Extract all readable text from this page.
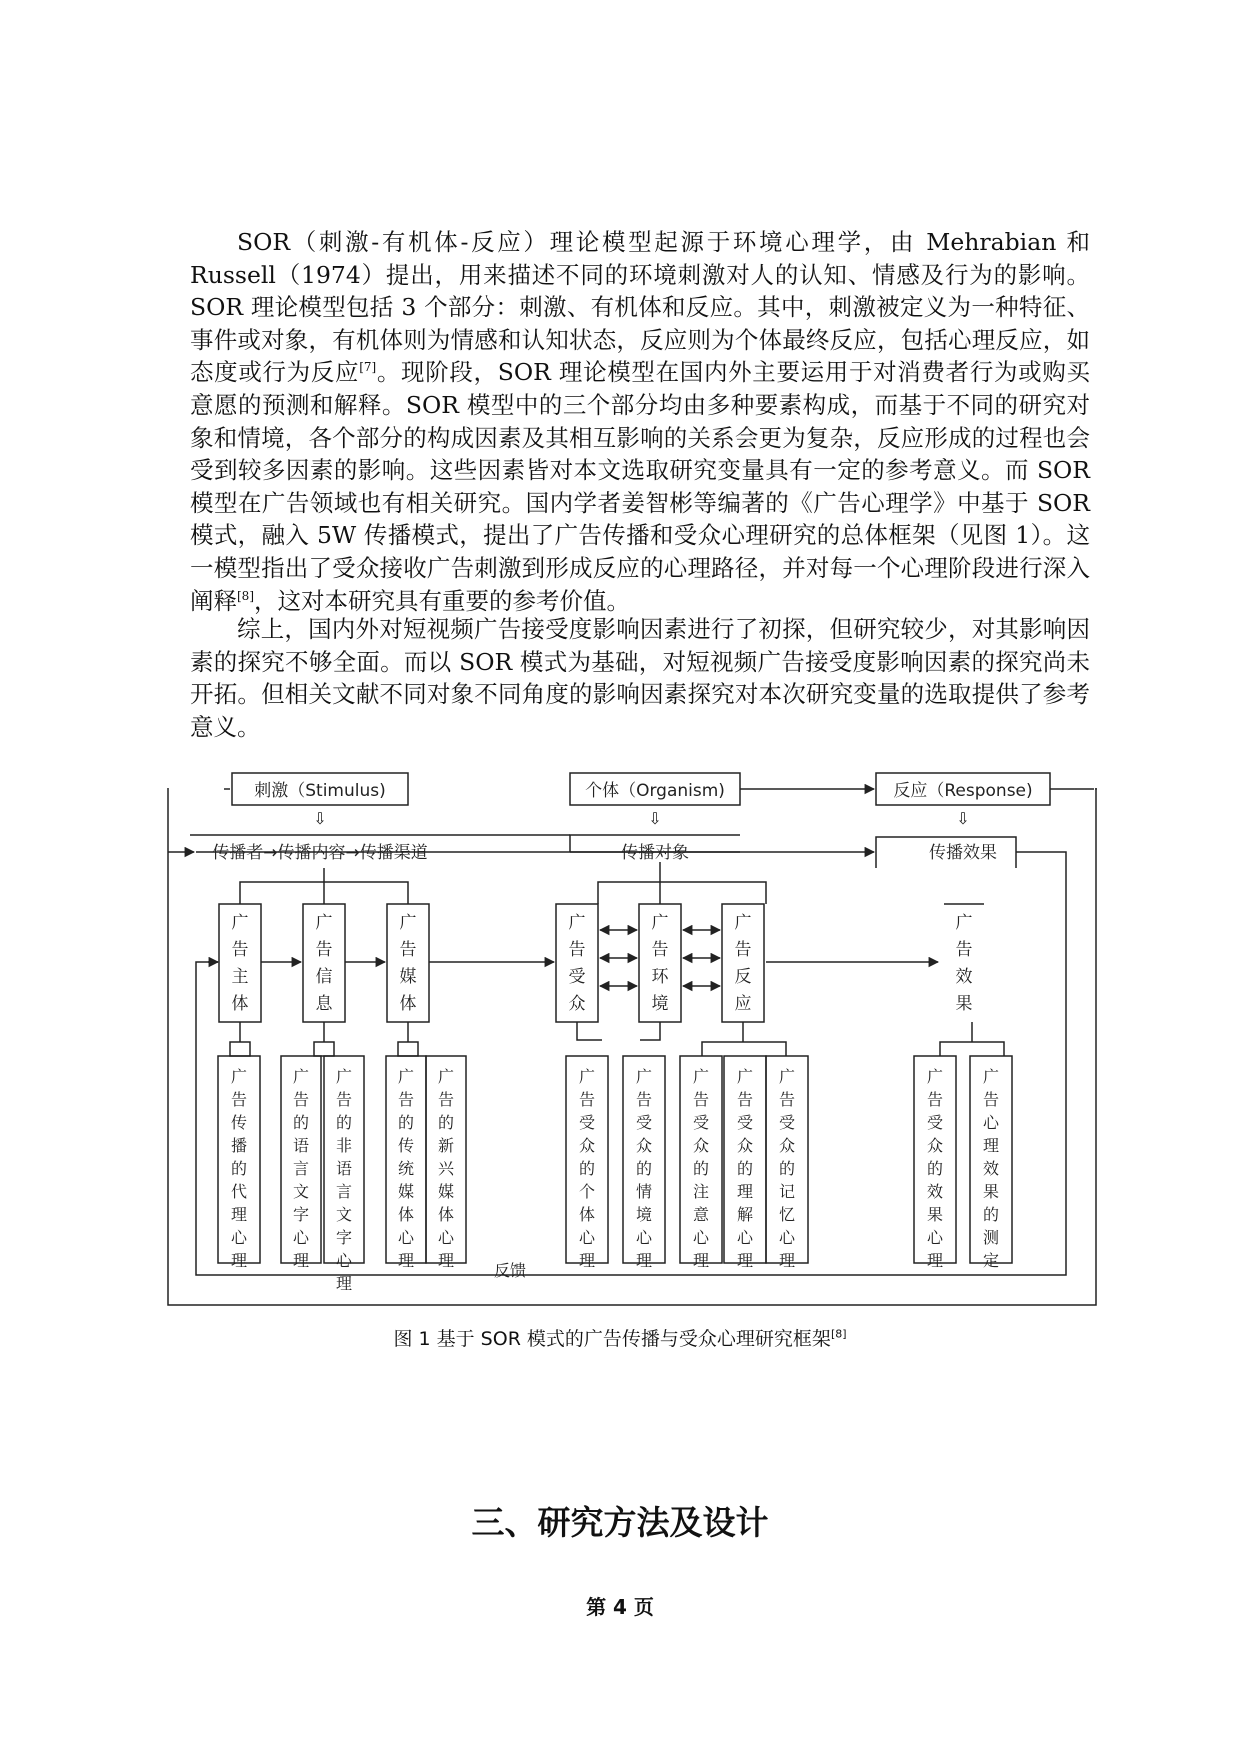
SOR（刺激-有机体-反应）理论模型起源于环境心理学，由 Mehrabian 和 Russell（1974）提出，用来描述不同的环境刺激对人的认知、情感及行为的影响。SOR 理论模型包括 3 个部分：刺激、有机体和反应。其中，刺激被定义为一种特征、事件或对象，有机体则为情感和认知状态，反应则为个体最终反应，包括心理反应，如态度或行为反应[7]。现阶段，SOR 理论模型在国内外主要运用于对消费者行为或购买意愿的预测和解释。SOR 模型中的三个部分均由多种要素构成，而基于不同的研究对象和情境，各个部分的构成因素及其相互影响的关系会更为复杂，反应形成的过程也会受到较多因素的影响。这些因素皆对本文选取研究变量具有一定的参考意义。而 SOR 模型在广告领域也有相关研究。国内学者姜智彬等编著的《广告心理学》中基于 SOR 模式，融入 5W 传播模式，提出了广告传播和受众心理研究的总体框架（见图 1）。这一模型指出了受众接收广告刺激到形成反应的心理路径，并对每一个心理阶段进行深入阐释[8]，这对本研究具有重要的参考价值。

综上，国内外对短视频广告接受度影响因素进行了初探，但研究较少，对其影响因素的探究不够全面。而以 SOR 模式为基础，对短视频广告接受度影响因素的探究尚未开拓。但相关文献不同对象不同角度的影响因素探究对本次研究变量的选取提供了参考意义。

刺激（Stimulus)	个体（Organism)	反应（Response)
⇩	⇩	⇩
传播者→传播内容→传播渠道	传播对象	传播效果
广告主体
广告信息
广告媒体
广告受众
广告环境
广告反应
广告效果
广告传播的代理心理
广告的语言文字心理
广告的非语言文字心理
广告的传统媒体心理
广告的新兴媒体心理
广告受众的个体心理
广告受众的情境心理
广告受众的注意心理
广告受众的理解心理
广告受众的记忆心理
广告受众的效果心理
广告心理效果的测定
反馈
图 1 基于 SOR 模式的广告传播与受众心理研究框架[8]
三、研究方法及设计
第 4 页
